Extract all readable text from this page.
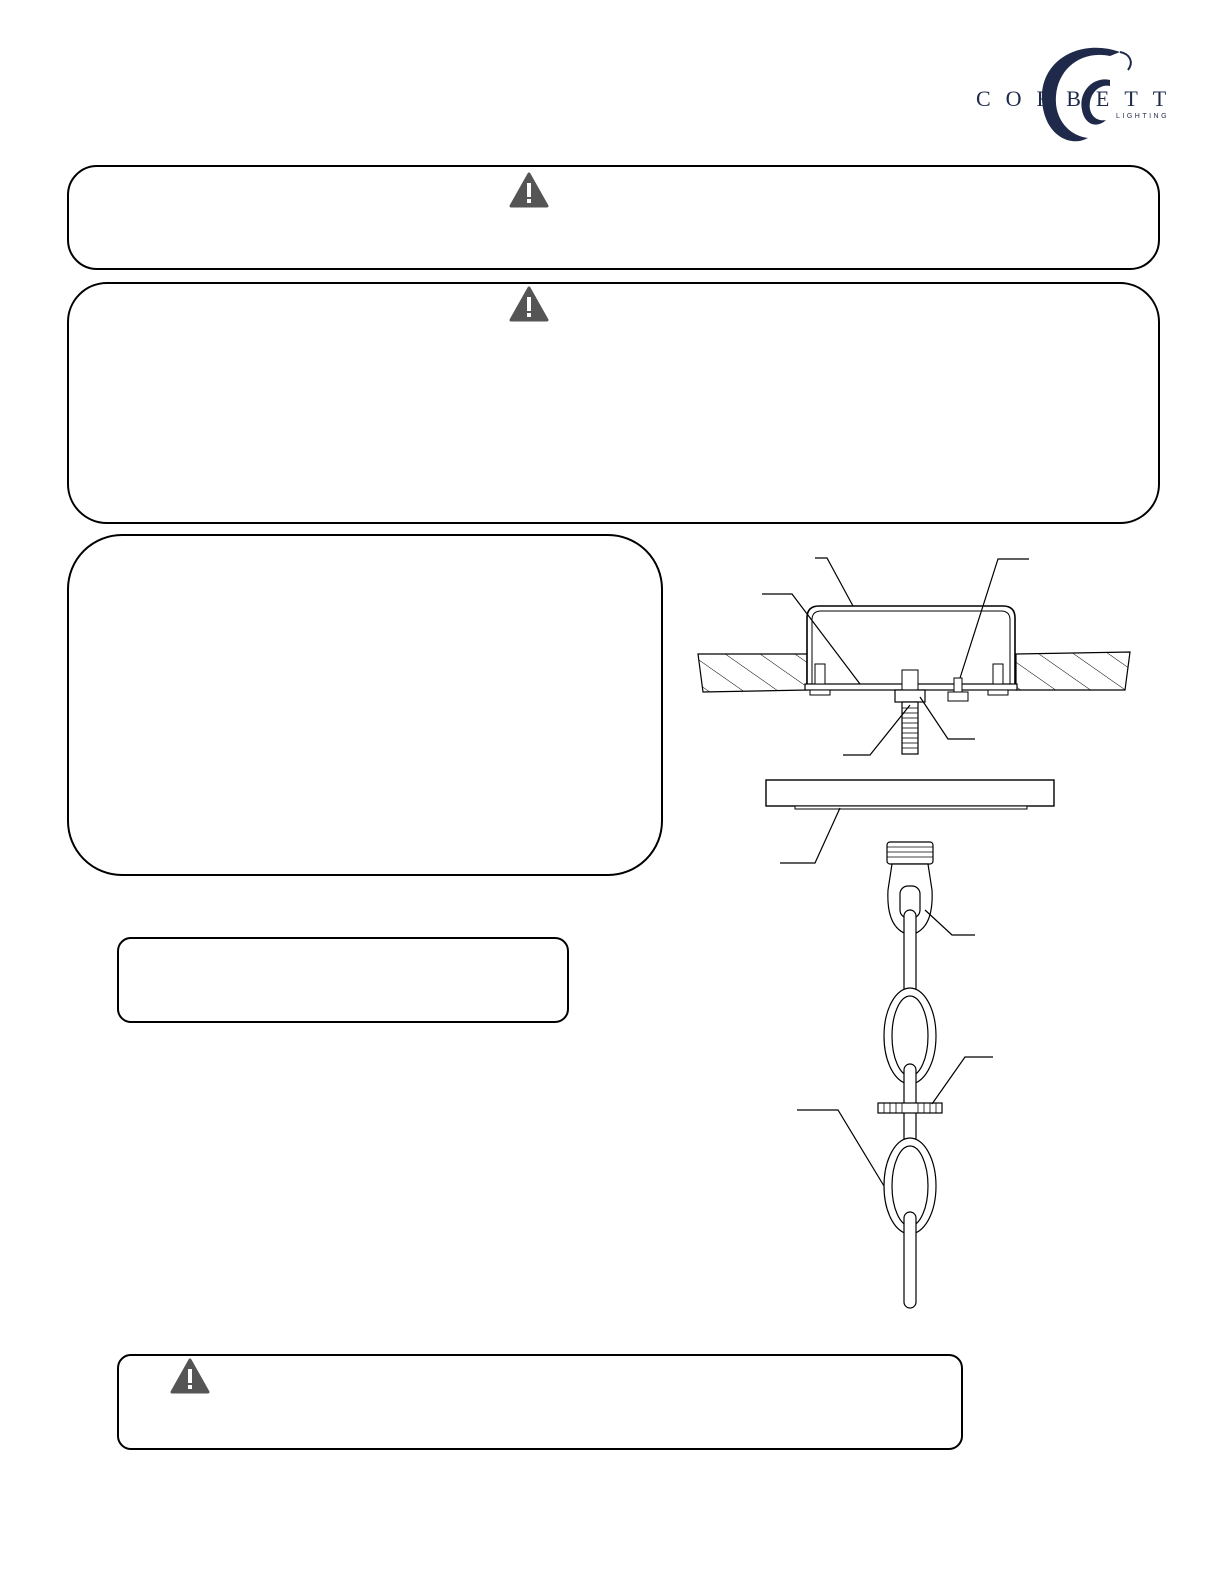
CORBETT
LIGHTING
